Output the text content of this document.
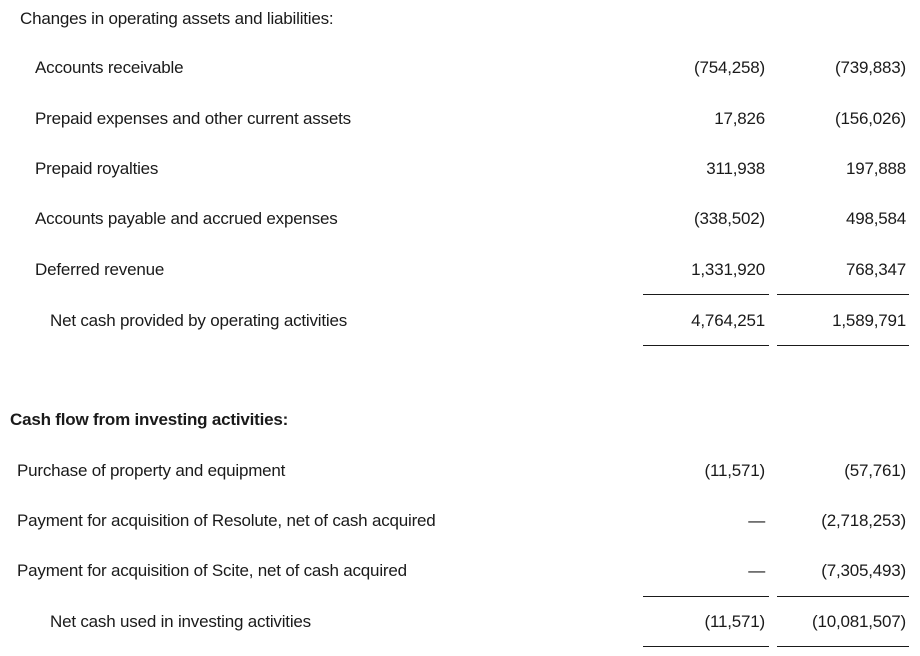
Changes in operating assets and liabilities:
Accounts receivable	(754,258)	(739,883)
Prepaid expenses and other current assets	17,826	(156,026)
Prepaid royalties	311,938	197,888
Accounts payable and accrued expenses	(338,502)	498,584
Deferred revenue	1,331,920	768,347
Net cash provided by operating activities	4,764,251	1,589,791
Cash flow from investing activities:
Purchase of property and equipment	(11,571)	(57,761)
Payment for acquisition of Resolute, net of cash acquired	—	(2,718,253)
Payment for acquisition of Scite, net of cash acquired	—	(7,305,493)
Net cash used in investing activities	(11,571)	(10,081,507)
